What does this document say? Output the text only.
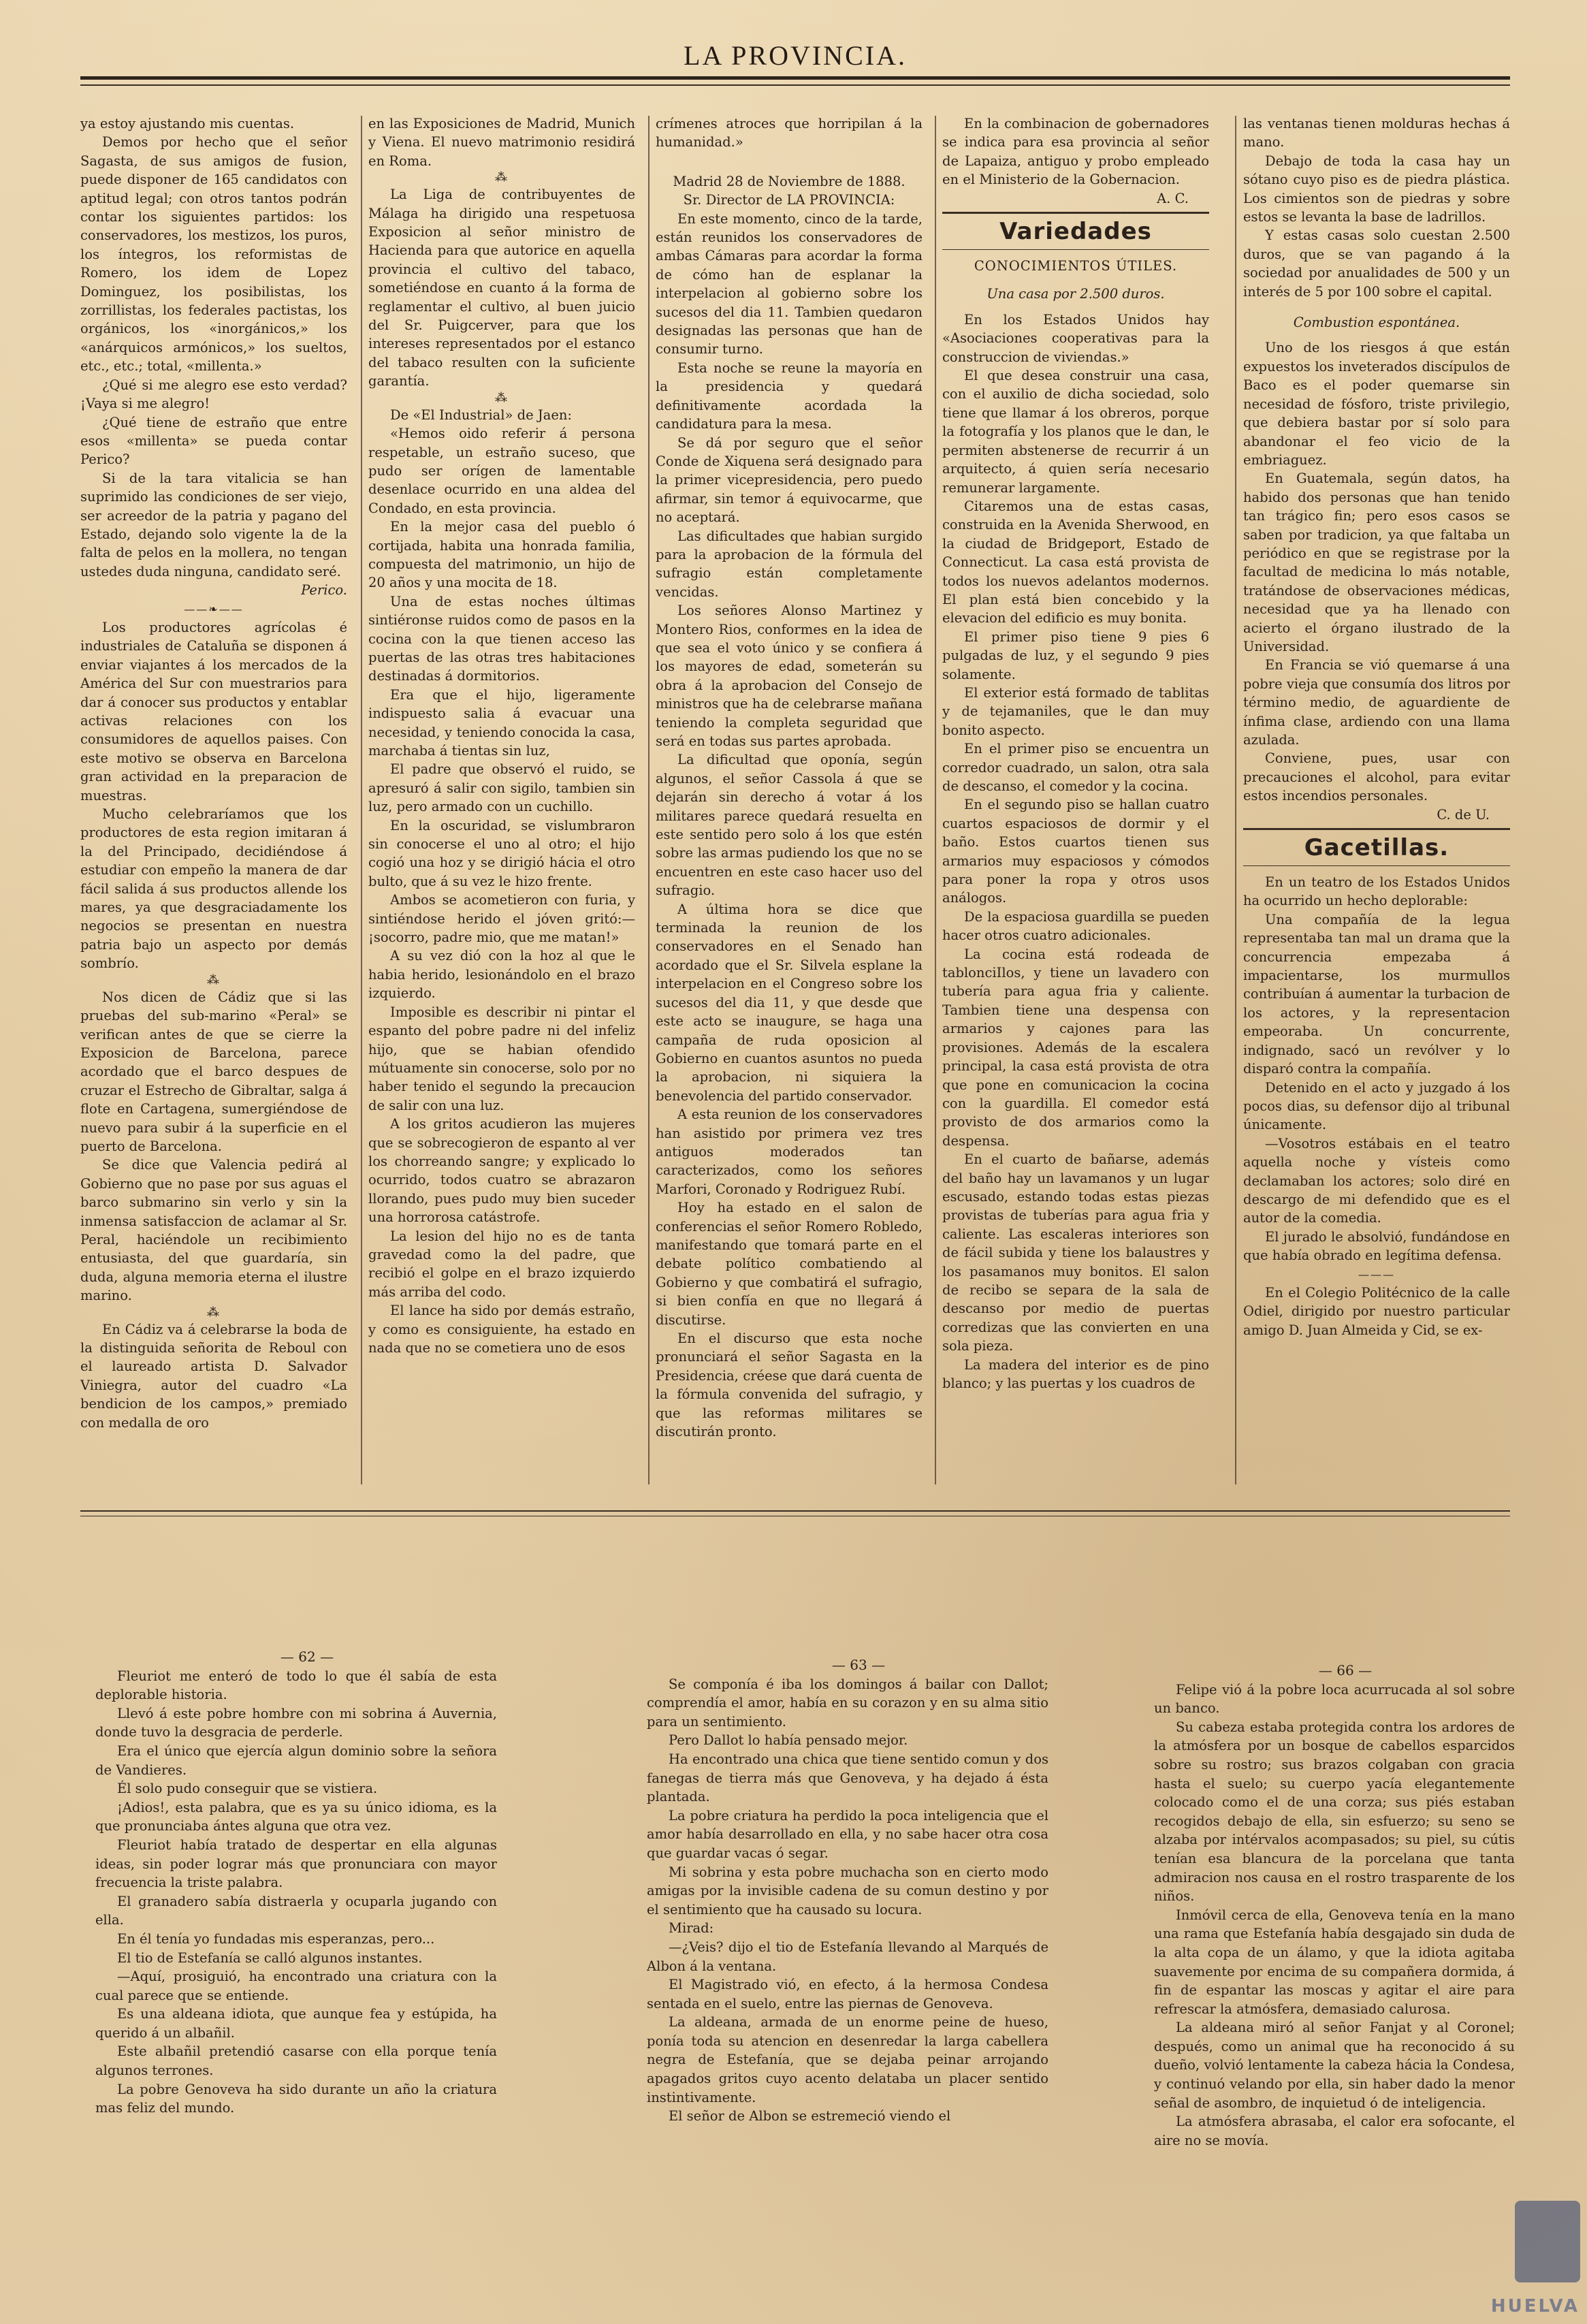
LA PROVINCIA.

ya estoy ajustando mis cuentas.

Demos por hecho que el señor Sagasta, de sus amigos de fusion, puede disponer de 165 candidatos con aptitud legal; con otros tantos podrán contar los siguientes partidos: los conservadores, los mestizos, los puros, los íntegros, los reformistas de Romero, los idem de Lopez Dominguez, los posibilistas, los zorrillistas, los federales pactistas, los orgánicos, los «inorgánicos,» los «anárquicos armónicos,» los sueltos, etc., etc.; total, «millenta.»

¿Qué si me alegro ese esto verdad? ¡Vaya si me alegro!

¿Qué tiene de estraño que entre esos «millenta» se pueda contar Perico?

Si de la tara vitalicia se han suprimido las condiciones de ser viejo, ser acreedor de la patria y pagano del Estado, dejando solo vigente la de la falta de pelos en la mollera, no tengan ustedes duda ninguna, candidato seré.

Perico.

——❧——

Los productores agrícolas é industriales de Cataluña se disponen á enviar viajantes á los mercados de la América del Sur con muestrarios para dar á conocer sus productos y entablar activas relaciones con los consumidores de aquellos paises. Con este motivo se observa en Barcelona gran actividad en la preparacion de muestras.

Mucho celebraríamos que los productores de esta region imitaran á la del Principado, decidiéndose á estudiar con empeño la manera de dar fácil salida á sus productos allende los mares, ya que desgraciadamente los negocios se presentan en nuestra patria bajo un aspecto por demás sombrío.

⁂

Nos dicen de Cádiz que si las pruebas del sub-marino «Peral» se verifican antes de que se cierre la Exposicion de Barcelona, parece acordado que el barco despues de cruzar el Estrecho de Gibraltar, salga á flote en Cartagena, sumergiéndose de nuevo para subir á la superficie en el puerto de Barcelona.

Se dice que Valencia pedirá al Gobierno que no pase por sus aguas el barco submarino sin verlo y sin la inmensa satisfaccion de aclamar al Sr. Peral, haciéndole un recibimiento entusiasta, del que guardaría, sin duda, alguna memoria eterna el ilustre marino.

⁂

En Cádiz va á celebrarse la boda de la distinguida señorita de Reboul con el laureado artista D. Salvador Viniegra, autor del cuadro «La bendicion de los campos,» premiado con medalla de oro

en las Exposiciones de Madrid, Munich y Viena. El nuevo matrimonio residirá en Roma.

⁂

La Liga de contribuyentes de Málaga ha dirigido una respetuosa Exposicion al señor ministro de Hacienda para que autorice en aquella provincia el cultivo del tabaco, sometiéndose en cuanto á la forma de reglamentar el cultivo, al buen juicio del Sr. Puigcerver, para que los intereses representados por el estanco del tabaco resulten con la suficiente garantía.

⁂

De «El Industrial» de Jaen:

«Hemos oido referir á persona respetable, un estraño suceso, que pudo ser orígen de lamentable desenlace ocurrido en una aldea del Condado, en esta provincia.

En la mejor casa del pueblo ó cortijada, habita una honrada familia, compuesta del matrimonio, un hijo de 20 años y una mocita de 18.

Una de estas noches últimas sintiéronse ruidos como de pasos en la cocina con la que tienen acceso las puertas de las otras tres habitaciones destinadas á dormitorios.

Era que el hijo, ligeramente indispuesto salia á evacuar una necesidad, y teniendo conocida la casa, marchaba á tientas sin luz,

El padre que observó el ruido, se apresuró á salir con sigilo, tambien sin luz, pero armado con un cuchillo.

En la oscuridad, se vislumbraron sin conocerse el uno al otro; el hijo cogió una hoz y se dirigió hácia el otro bulto, que á su vez le hizo frente.

Ambos se acometieron con furia, y sintiéndose herido el jóven gritó:—¡socorro, padre mio, que me matan!»

A su vez dió con la hoz al que le habia herido, lesionándolo en el brazo izquierdo.

Imposible es describir ni pintar el espanto del pobre padre ni del infeliz hijo, que se habian ofendido mútuamente sin conocerse, solo por no haber tenido el segundo la precaucion de salir con una luz.

A los gritos acudieron las mujeres que se sobrecogieron de espanto al ver los chorreando sangre; y explicado lo ocurrido, todos cuatro se abrazaron llorando, pues pudo muy bien suceder una horrorosa catástrofe.

La lesion del hijo no es de tanta gravedad como la del padre, que recibió el golpe en el brazo izquierdo más arriba del codo.

El lance ha sido por demás estraño, y como es consiguiente, ha estado en nada que no se cometiera uno de esos

crímenes atroces que horripilan á la humanidad.»

Madrid 28 de Noviembre de 1888.

Sr. Director de LA PROVINCIA:

En este momento, cinco de la tarde, están reunidos los conservadores de ambas Cámaras para acordar la forma de cómo han de esplanar la interpelacion al gobierno sobre los sucesos del dia 11. Tambien quedaron designadas las personas que han de consumir turno.

Esta noche se reune la mayoría en la presidencia y quedará definitivamente acordada la candidatura para la mesa.

Se dá por seguro que el señor Conde de Xiquena será designado para la primer vicepresidencia, pero puedo afirmar, sin temor á equivocarme, que no aceptará.

Las dificultades que habian surgido para la aprobacion de la fórmula del sufragio están completamente vencidas.

Los señores Alonso Martinez y Montero Rios, conformes en la idea de que sea el voto único y se confiera á los mayores de edad, someterán su obra á la aprobacion del Consejo de ministros que ha de celebrarse mañana teniendo la completa seguridad que será en todas sus partes aprobada.

La dificultad que oponía, según algunos, el señor Cassola á que se dejarán sin derecho á votar á los militares parece quedará resuelta en este sentido pero solo á los que estén sobre las armas pudiendo los que no se encuentren en este caso hacer uso del sufragio.

A última hora se dice que terminada la reunion de los conservadores en el Senado han acordado que el Sr. Silvela esplane la interpelacion en el Congreso sobre los sucesos del dia 11, y que desde que este acto se inaugure, se haga una campaña de ruda oposicion al Gobierno en cuantos asuntos no pueda la aprobacion, ni siquiera la benevolencia del partido conservador.

A esta reunion de los conservadores han asistido por primera vez tres antiguos moderados tan caracterizados, como los señores Marfori, Coronado y Rodriguez Rubí.

Hoy ha estado en el salon de conferencias el señor Romero Robledo, manifestando que tomará parte en el debate político combatiendo al Gobierno y que combatirá el sufragio, si bien confía en que no llegará á discutirse.

En el discurso que esta noche pronunciará el señor Sagasta en la Presidencia, créese que dará cuenta de la fórmula convenida del sufragio, y que las reformas militares se discutirán pronto.

En la combinacion de gobernadores se indica para esa provincia al señor de Lapaiza, antiguo y probo empleado en el Ministerio de la Gobernacion.

A. C.

Variedades

CONOCIMIENTOS ÚTILES.

Una casa por 2.500 duros.

En los Estados Unidos hay «Asociaciones cooperativas para la construccion de viviendas.»

El que desea construir una casa, con el auxilio de dicha sociedad, solo tiene que llamar á los obreros, porque la fotografía y los planos que le dan, le permiten abstenerse de recurrir á un arquitecto, á quien sería necesario remunerar largamente.

Citaremos una de estas casas, construida en la Avenida Sherwood, en la ciudad de Bridgeport, Estado de Connecticut. La casa está provista de todos los nuevos adelantos modernos. El plan está bien concebido y la elevacion del edificio es muy bonita.

El primer piso tiene 9 pies 6 pulgadas de luz, y el segundo 9 pies solamente.

El exterior está formado de tablitas y de tejamaniles, que le dan muy bonito aspecto.

En el primer piso se encuentra un corredor cuadrado, un salon, otra sala de descanso, el comedor y la cocina.

En el segundo piso se hallan cuatro cuartos espaciosos de dormir y el baño. Estos cuartos tienen sus armarios muy espaciosos y cómodos para poner la ropa y otros usos análogos.

De la espaciosa guardilla se pueden hacer otros cuatro adicionales.

La cocina está rodeada de tablonciIlos, y tiene un lavadero con tubería para agua fria y caliente. Tambien tiene una despensa con armarios y cajones para las provisiones. Además de la escalera principal, la casa está provista de otra que pone en comunicacion la cocina con la guardilla. El comedor está provisto de dos armarios como la despensa.

En el cuarto de bañarse, además del baño hay un lavamanos y un lugar escusado, estando todas estas piezas provistas de tuberías para agua fria y caliente. Las escaleras interiores son de fácil subida y tiene los balaustres y los pasamanos muy bonitos. El salon de recibo se separa de la sala de descanso por medio de puertas corredizas que las convierten en una sola pieza.

La madera del interior es de pino blanco; y las puertas y los cuadros de

las ventanas tienen molduras hechas á mano.

Debajo de toda la casa hay un sótano cuyo piso es de piedra plástica. Los cimientos son de piedras y sobre estos se levanta la base de ladrillos.

Y estas casas solo cuestan 2.500 duros, que se van pagando á la sociedad por anualidades de 500 y un interés de 5 por 100 sobre el capital.

Combustion espontánea.

Uno de los riesgos á que están expuestos los inveterados discípulos de Baco es el poder quemarse sin necesidad de fósforo, triste privilegio, que debiera bastar por sí solo para abandonar el feo vicio de la embriaguez.

En Guatemala, según datos, ha habido dos personas que han tenido tan trágico fin; pero esos casos se saben por tradicion, ya que faltaba un periódico en que se registrase por la facultad de medicina lo más notable, tratándose de observaciones médicas, necesidad que ya ha llenado con acierto el órgano ilustrado de la Universidad.

En Francia se vió quemarse á una pobre vieja que consumía dos litros por término medio, de aguardiente de ínfima clase, ardiendo con una llama azulada.

Conviene, pues, usar con precauciones el alcohol, para evitar estos incendios personales.

C. de U.

Gacetillas.

En un teatro de los Estados Unidos ha ocurrido un hecho deplorable:

Una compañía de la legua representaba tan mal un drama que la concurrencia empezaba á impacientarse, los murmullos contribuían á aumentar la turbacion de los actores, y la representacion empeoraba. Un concurrente, indignado, sacó un revólver y lo disparó contra la compañía.

Detenido en el acto y juzgado á los pocos dias, su defensor dijo al tribunal únicamente.

—Vosotros estábais en el teatro aquella noche y vísteis como declamaban los actores; solo diré en descargo de mi defendido que es el autor de la comedia.

El jurado le absolvió, fundándose en que había obrado en legítima defensa.

———

En el Colegio Politécnico de la calle Odiel, dirigido por nuestro particular amigo D. Juan Almeida y Cid, se ex-

— 62 —

Fleuriot me enteró de todo lo que él sabía de esta deplorable historia.

Llevó á este pobre hombre con mi sobrina á Auvernia, donde tuvo la desgracia de perderle.

Era el único que ejercía algun dominio sobre la señora de Vandieres.

Él solo pudo conseguir que se vistiera.

¡Adios!, esta palabra, que es ya su único idioma, es la que pronunciaba ántes alguna que otra vez.

Fleuriot había tratado de despertar en ella algunas ideas, sin poder lograr más que pronunciara con mayor frecuencia la triste palabra.

El granadero sabía distraerla y ocuparla jugando con ella.

En él tenía yo fundadas mis esperanzas, pero...

El tio de Estefanía se calló algunos instantes.

—Aquí, prosiguió, ha encontrado una criatura con la cual parece que se entiende.

Es una aldeana idiota, que aunque fea y estúpida, ha querido á un albañil.

Este albañil pretendió casarse con ella porque tenía algunos terrones.

La pobre Genoveva ha sido durante un año la criatura mas feliz del mundo.

— 63 —

Se componía é iba los domingos á bailar con Dallot; comprendía el amor, había en su corazon y en su alma sitio para un sentimiento.

Pero Dallot lo había pensado mejor.

Ha encontrado una chica que tiene sentido comun y dos fanegas de tierra más que Genoveva, y ha dejado á ésta plantada.

La pobre criatura ha perdido la poca inteligencia que el amor había desarrollado en ella, y no sabe hacer otra cosa que guardar vacas ó segar.

Mi sobrina y esta pobre muchacha son en cierto modo amigas por la invisible cadena de su comun destino y por el sentimiento que ha causado su locura.

Mirad:

—¿Veis? dijo el tio de Estefanía llevando al Marqués de Albon á la ventana.

El Magistrado vió, en efecto, á la hermosa Condesa sentada en el suelo, entre las piernas de Genoveva.

La aldeana, armada de un enorme peine de hueso, ponía toda su atencion en desenredar la larga cabellera negra de Estefanía, que se dejaba peinar arrojando apagados gritos cuyo acento delataba un placer sentido instintivamente.

El señor de Albon se estremeció viendo el

— 66 —

Felipe vió á la pobre loca acurrucada al sol sobre un banco.

Su cabeza estaba protegida contra los ardores de la atmósfera por un bosque de cabellos esparcidos sobre su rostro; sus brazos colgaban con gracia hasta el suelo; su cuerpo yacía elegantemente colocado como el de una corza; sus piés estaban recogidos debajo de ella, sin esfuerzo; su seno se alzaba por intérvalos acompasados; su piel, su cútis tenían esa blancura de la porcelana que tanta admiracion nos causa en el rostro trasparente de los niños.

Inmóvil cerca de ella, Genoveva tenía en la mano una rama que Estefanía había desgajado sin duda de la alta copa de un álamo, y que la idiota agitaba suavemente por encima de su compañera dormida, á fin de espantar las moscas y agitar el aire para refrescar la atmósfera, demasiado calurosa.

La aldeana miró al señor Fanjat y al Coronel; después, como un animal que ha reconocido á su dueño, volvió lentamente la cabeza hácia la Condesa, y continuó velando por ella, sin haber dado la menor señal de asombro, de inquietud ó de inteligencia.

La atmósfera abrasaba, el calor era sofocante, el aire no se movía.

HUELVA
